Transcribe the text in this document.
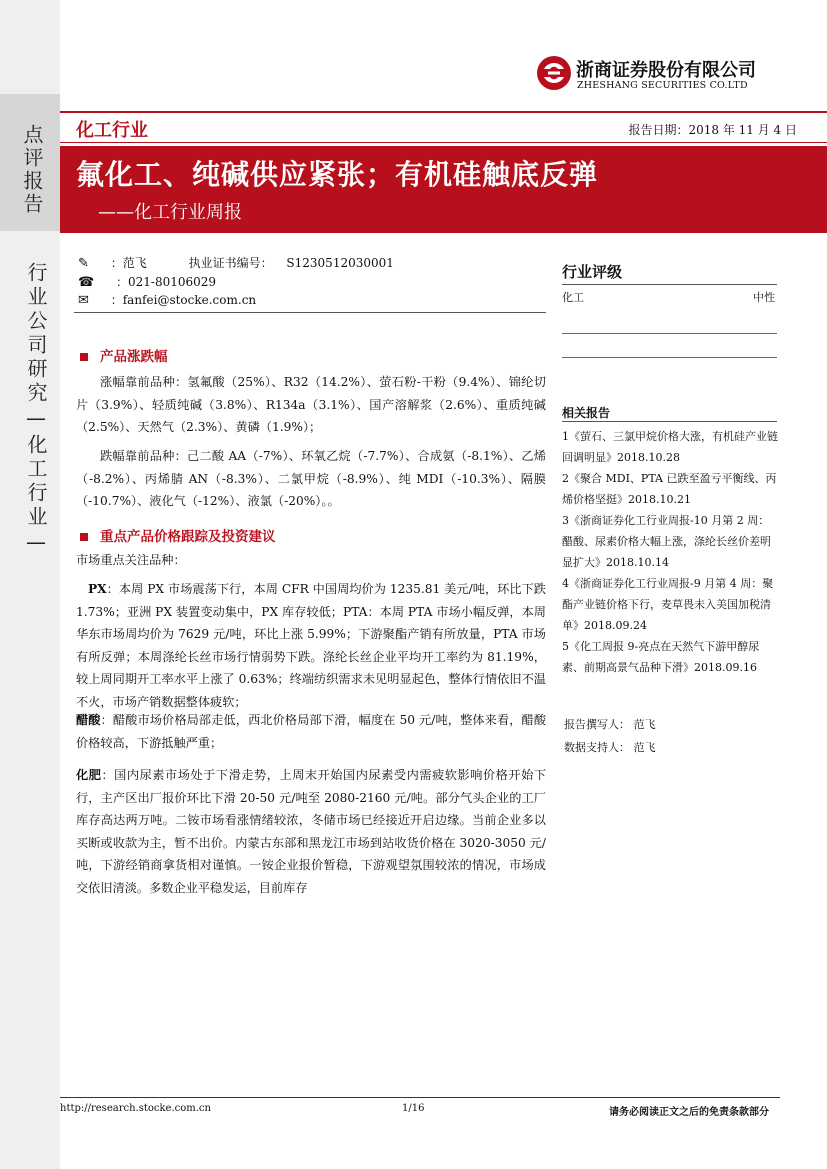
点评报告
行业公司研究—化工行业—
浙商证券股份有限公司
ZHESHANG SECURITIES CO.LTD
化工行业	报告日期：2018 年 11 月 4 日
氟化工、纯碱供应紧张；有机硅触底反弹
——化工行业周报
✎ ：范飞	执业证书编号： S1230512030001
☎ ：021-80106029
✉ ：fanfei@stocke.com.cn
产品涨跌幅
涨幅靠前品种：氢氟酸（25%）、R32（14.2%）、萤石粉-干粉（9.4%）、锦纶切片（3.9%）、轻质纯碱（3.8%）、R134a（3.1%）、国产溶解浆（2.6%）、重质纯碱（2.5%）、天然气（2.3%）、黄磷（1.9%）；
跌幅靠前品种：己二酸 AA（-7%）、环氧乙烷（-7.7%）、合成氨（-8.1%）、乙烯（-8.2%）、丙烯腈 AN（-8.3%）、二氯甲烷（-8.9%）、纯 MDI（-10.3%）、隔膜（-10.7%）、液化气（-12%）、液氯（-20%）。。
重点产品价格跟踪及投资建议
市场重点关注品种：
PX：本周 PX 市场震荡下行，本周 CFR 中国周均价为 1235.81 美元/吨，环比下跌 1.73%；亚洲 PX 装置变动集中，PX 库存较低；PTA：本周 PTA 市场小幅反弹，本周华东市场周均价为 7629 元/吨，环比上涨 5.99%；下游聚酯产销有所放量，PTA 市场有所反弹；本周涤纶长丝市场行情弱势下跌。涤纶长丝企业平均开工率约为 81.19%，较上周同期开工率水平上涨了 0.63%；终端纺织需求未见明显起色，整体行情依旧不温不火，市场产销数据整体疲软；
醋酸：醋酸市场价格局部走低，西北价格局部下滑，幅度在 50 元/吨，整体来看，醋酸价格较高，下游抵触严重；
化肥：国内尿素市场处于下滑走势，上周末开始国内尿素受内需疲软影响价格开始下行，主产区出厂报价环比下滑 20-50 元/吨至 2080-2160 元/吨。部分气头企业的工厂库存高达两万吨。二铵市场看涨情绪较浓，冬储市场已经接近开启边缘。当前企业多以买断或收款为主，暂不出价。内蒙古东部和黑龙江市场到站收货价格在 3020-3050 元/吨，下游经销商拿货相对谨慎。一铵企业报价暂稳，下游观望氛围较浓的情况，市场成交依旧清淡。多数企业平稳发运，目前库存
行业评级
化工	中性
相关报告
1《萤石、三氯甲烷价格大涨，有机硅产业链回调明显》2018.10.28
2《聚合 MDI、PTA 已跌至盈亏平衡线、丙烯价格坚挺》2018.10.21
3《浙商证券化工行业周报-10 月第 2 周：醋酸、尿素价格大幅上涨，涤纶长丝价差明显扩大》2018.10.14
4《浙商证券化工行业周报-9 月第 4 周：聚酯产业链价格下行，麦草畏未入美国加税清单》2018.09.24
5《化工周报 9-亮点在天然气下游甲醇尿素、前期高景气品种下滑》2018.09.16
报告撰写人： 范飞
数据支持人： 范飞
http://research.stocke.com.cn	1/16	请务必阅读正文之后的免责条款部分
